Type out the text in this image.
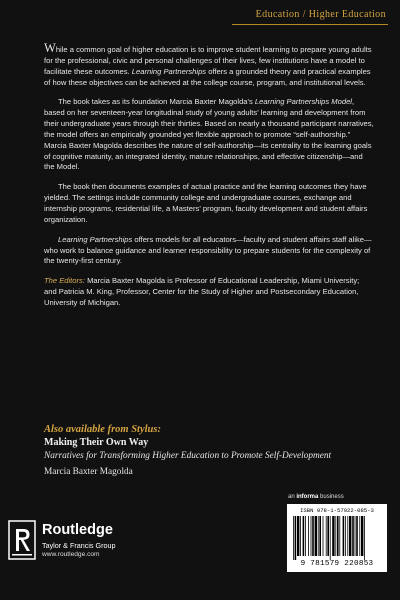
Education / Higher Education

While a common goal of higher education is to improve student learning to prepare young adults for the professional, civic and personal challenges of their lives, few institutions have a model to facilitate these outcomes. Learning Partnerships offers a grounded theory and practical examples of how these objectives can be achieved at the college course, program, and institutional levels.

The book takes as its foundation Marcia Baxter Magolda's Learning Partnerships Model, based on her seventeen-year longitudinal study of young adults' learning and development from their undergraduate years through their thirties. Based on nearly a thousand participant narratives, the model offers an empirically grounded yet flexible approach to promote “self-authorship.” Marcia Baxter Magolda describes the nature of self-authorship—its centrality to the learning goals of cognitive maturity, an integrated identity, mature relationships, and effective citizenship—and the Model.

The book then documents examples of actual practice and the learning outcomes they have yielded. The settings include community college and undergraduate courses, exchange and internship programs, residential life, a Masters' program, faculty development and student affairs organization.

Learning Partnerships offers models for all educators—faculty and student affairs staff alike—who work to balance guidance and learner responsibility to prepare students for the complexity of the twenty-first century.

The Editors: Marcia Baxter Magolda is Professor of Educational Leadership, Miami University; and Patricia M. King, Professor, Center for the Study of Higher and Postsecondary Education, University of Michigan.

Also available from Stylus:
Making Their Own Way
Narratives for Transforming Higher Education to Promote Self-Development
Marcia Baxter Magolda
Routledge
Taylor & Francis Group
www.routledge.com
an informa business
ISBN 978-1-57922-085-3
9 781579 220853
